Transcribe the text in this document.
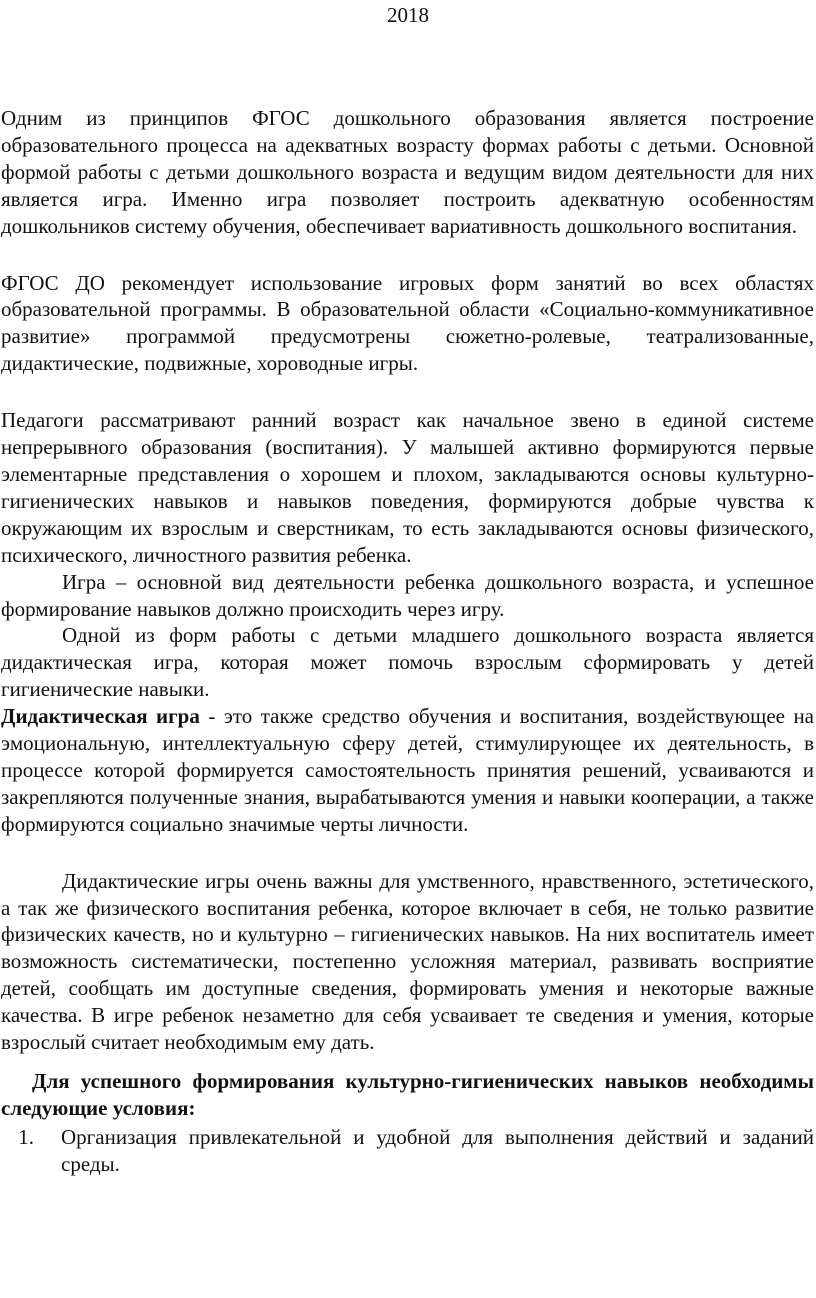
2018

Одним из принципов ФГОС дошкольного образования является построение образовательного процесса на адекватных возрасту формах работы с детьми. Основной формой работы с детьми дошкольного возраста и ведущим видом деятельности для них является игра. Именно игра позволяет построить адекватную особенностям дошкольников систему обучения, обеспечивает вариативность дошкольного воспитания.

ФГОС ДО рекомендует использование игровых форм занятий во всех областях образовательной программы. В образовательной области «Социально-коммуникативное развитие» программой предусмотрены сюжетно-ролевые, театрализованные, дидактические, подвижные, хороводные игры.

Педагоги рассматривают ранний возраст как начальное звено в единой системе непрерывного образования (воспитания). У малышей активно формируются первые элементарные представления о хорошем и плохом, закладываются основы культурно-гигиенических навыков и навыков поведения, формируются добрые чувства к окружающим их взрослым и сверстникам, то есть закладываются основы физического, психического, личностного развития ребенка.

Игра – основной вид деятельности ребенка дошкольного возраста, и успешное формирование навыков должно происходить через игру.

Одной из форм работы с детьми младшего дошкольного возраста является дидактическая игра, которая может помочь взрослым сформировать у детей гигиенические навыки.

Дидактическая игра - это также средство обучения и воспитания, воздействующее на эмоциональную, интеллектуальную сферу детей, стимулирующее их деятельность, в процессе которой формируется самостоятельность принятия решений, усваиваются и закрепляются полученные знания, вырабатываются умения и навыки кооперации, а также формируются социально значимые черты личности.

Дидактические игры очень важны для умственного, нравственного, эстетического, а так же физического воспитания ребенка, которое включает в себя, не только развитие физических качеств, но и культурно – гигиенических навыков. На них воспитатель имеет возможность систематически, постепенно усложняя материал, развивать восприятие детей, сообщать им доступные сведения, формировать умения и некоторые важные качества. В игре ребенок незаметно для себя усваивает те сведения и умения, которые взрослый считает необходимым ему дать.

Для успешного формирования культурно-гигиенических навыков необходимы следующие условия:

1.	Организация привлекательной и удобной для выполнения действий и заданий среды.
